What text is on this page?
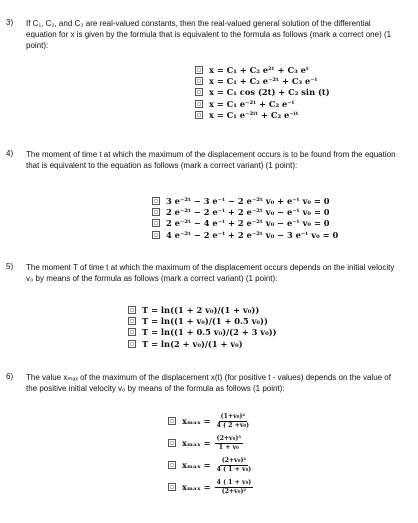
3) If C₁, C₂, and C₃ are real-valued constants, then the real-valued general solution of the differential equation for x is given by the formula that is equivalent to the formula as follows (mark a correct one) (1 point):
x = C₁ + C₂ e²ᵗ + C₃ eᵗ
x = C₁ + C₂ e⁻²ᵗ + C₃ e⁻ᵗ
x = C₁ cos (2t) + C₂ sin (t)
x = C₁ e⁻²ᵗ + C₂ e⁻ᵗ
x = C₁ e⁻²ⁱᵗ + C₂ e⁻ⁱᵗ
4) The moment of time t at which the maximum of the displacement occurs is to be found from the equation that is equivalent to the equation as follows (mark a correct variant) (1 point):
3 e⁻²ᵗ − 3 e⁻ᵗ − 2 e⁻²ᵗ v₀ + e⁻ᵗ v₀ = 0
2 e⁻²ᵗ − 2 e⁻ᵗ + 2 e⁻²ᵗ v₀ − e⁻ᵗ v₀ = 0
2 e⁻²ᵗ − 4 e⁻ᵗ + 2 e⁻²ᵗ v₀ − e⁻ᵗ v₀ = 0
4 e⁻²ᵗ − 2 e⁻ᵗ + 2 e⁻²ᵗ v₀ − 3 e⁻ᵗ v₀ = 0
5) The moment T of time t at which the maximum of the displacement occurs depends on the initial velocity v₀ by means of the formula as follows (mark a correct variant) (1 point):
T = ln((1 + 2 v₀)/(1 + v₀))
T = ln((1 + v₀)/(1 + 0.5 v₀))
T = ln((1 + 0.5 v₀)/(2 + 3 v₀))
T = ln(2 + v₀)/(1 + v₀)
6) The value xₘₐₓ of the maximum of the displacement x(t) (for positive t - values) depends on the value of the positive initial velocity v₀ by means of the formula as follows (1 point):
$x_{max} = \frac{\text{(1+v₀)²}}{\text{4 ( 2 +v₀)}}$
$x_{max} = \frac{\text{(2+v₀)³}}{\text{1 + v₀}}$
$x_{max} = \frac{\text{(2+v₀)²}}{\text{4 ( 1 + v₀)}}$
$x_{max} = \frac{\text{4 ( 1 + v₀)}}{\text{(2+v₀)²}}$
